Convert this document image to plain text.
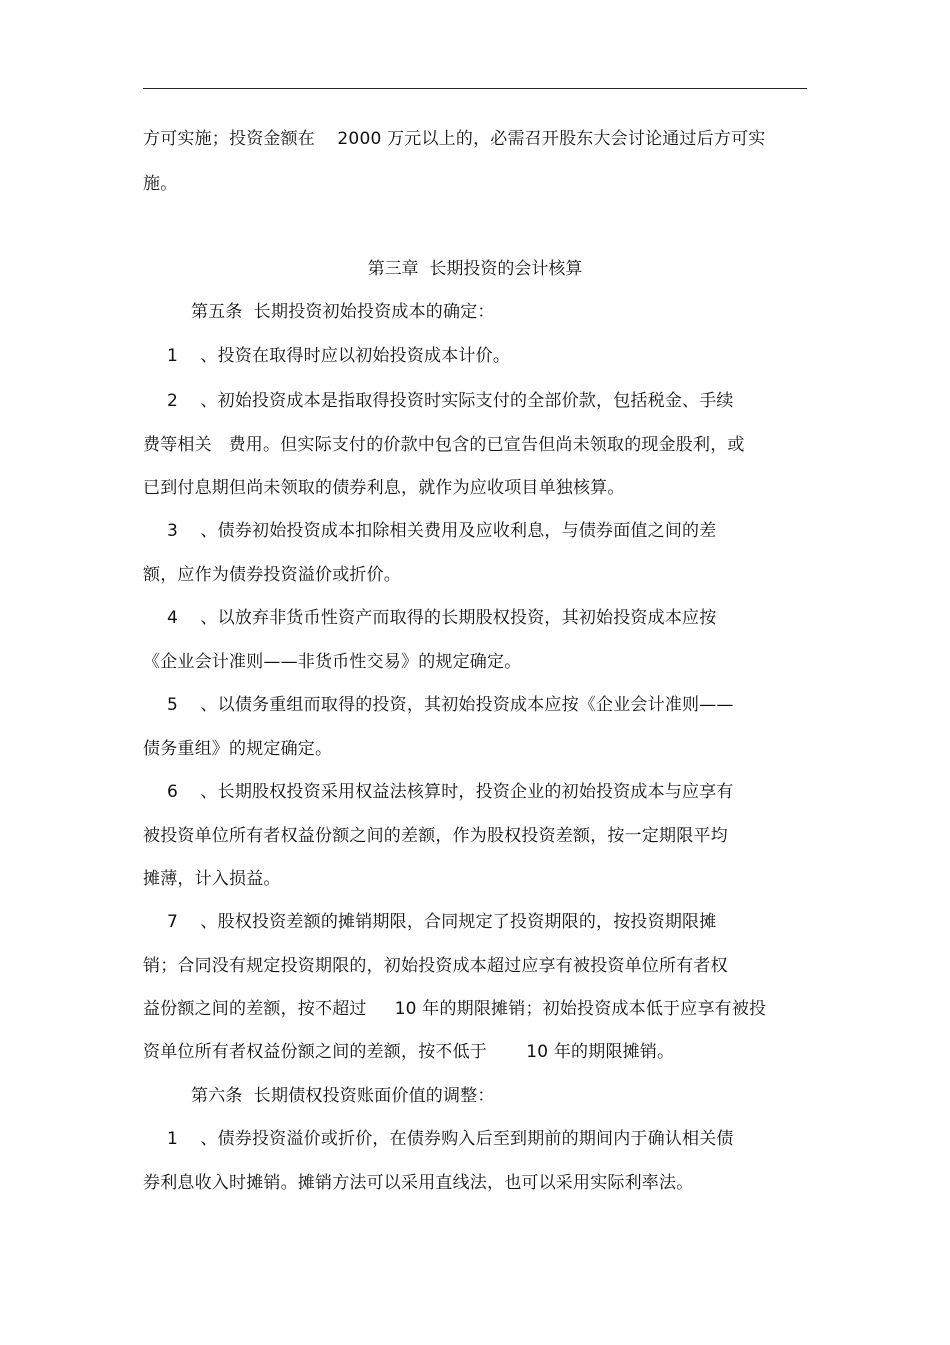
方可实施；投资金额在    2000 万元以上的，必需召开股东大会讨论通过后方可实
施。
第三章  长期投资的会计核算
第五条  长期投资初始投资成本的确定：
1    、投资在取得时应以初始投资成本计价。
2    、初始投资成本是指取得投资时实际支付的全部价款，包括税金、手续
费等相关   费用。但实际支付的价款中包含的已宣告但尚未领取的现金股利，或
已到付息期但尚未领取的债券利息，就作为应收项目单独核算。
3    、债券初始投资成本扣除相关费用及应收利息，与债券面值之间的差
额，应作为债券投资溢价或折价。
4    、以放弃非货币性资产而取得的长期股权投资，其初始投资成本应按
《企业会计准则——非货币性交易》的规定确定。
5    、以债务重组而取得的投资，其初始投资成本应按《企业会计准则——
债务重组》的规定确定。
6    、长期股权投资采用权益法核算时，投资企业的初始投资成本与应享有
被投资单位所有者权益份额之间的差额，作为股权投资差额，按一定期限平均
摊薄，计入损益。
7    、股权投资差额的摊销期限，合同规定了投资期限的，按投资期限摊
销；合同没有规定投资期限的，初始投资成本超过应享有被投资单位所有者权
益份额之间的差额，按不超过     10 年的期限摊销；初始投资成本低于应享有被投
资单位所有者权益份额之间的差额，按不低于       10 年的期限摊销。
第六条  长期债权投资账面价值的调整：
1    、债券投资溢价或折价，在债券购入后至到期前的期间内于确认相关债
券利息收入时摊销。摊销方法可以采用直线法，也可以采用实际利率法。
